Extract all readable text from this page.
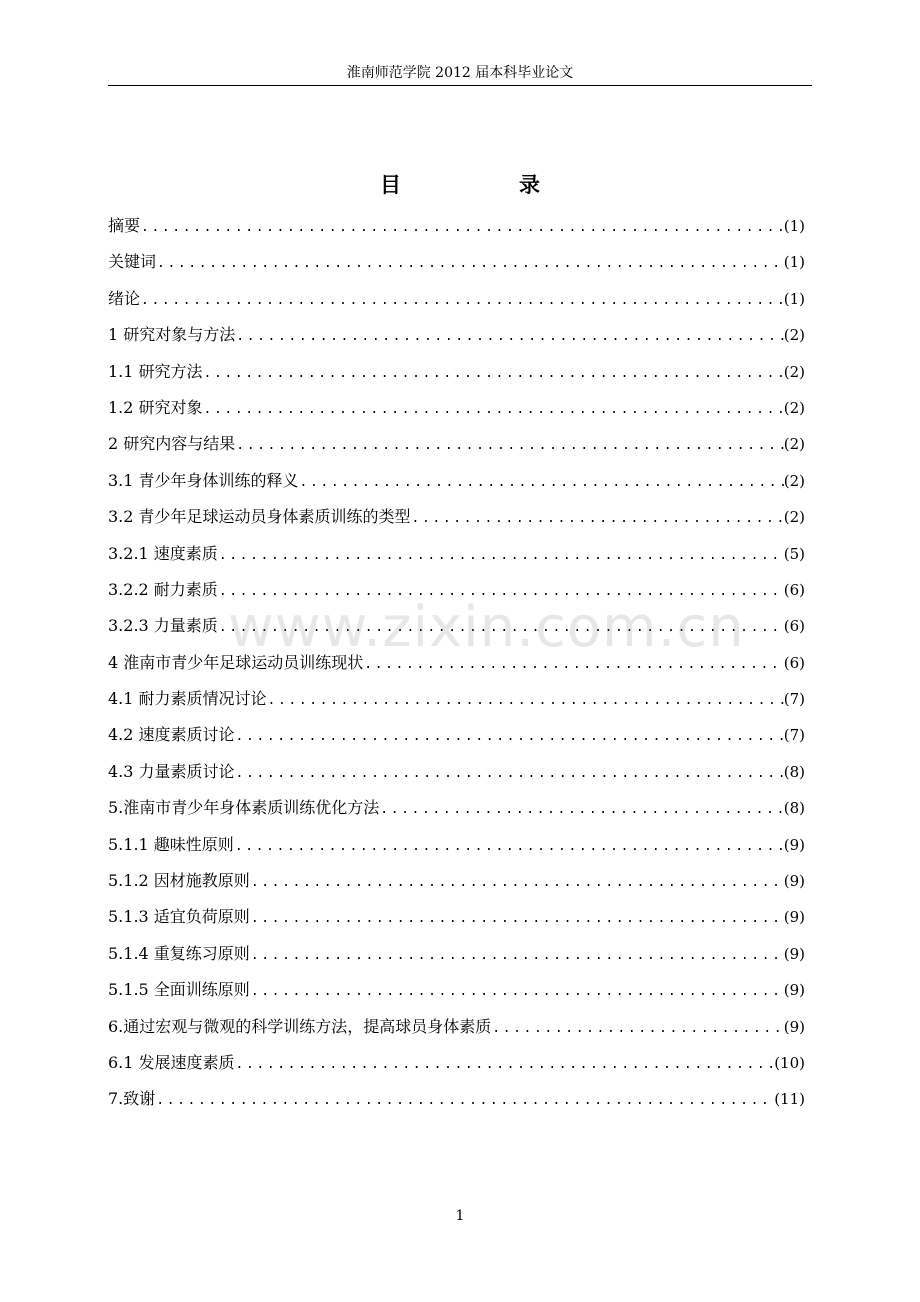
淮南师范学院 2012 届本科毕业论文
目	录
摘要 .....	(1)
关键词 .....	(1)
绪论 .....	(1)
1 研究对象与方法 .....	(2)
1.1 研究方法 .....	(2)
1.2 研究对象 .....	(2)
2 研究内容与结果 .....	(2)
3.1 青少年身体训练的释义 .....	(2)
3.2 青少年足球运动员身体素质训练的类型 .....	(2)
3.2.1 速度素质 .....	(5)
3.2.2 耐力素质 .....	(6)
3.2.3 力量素质 .....	(6)
4 淮南市青少年足球运动员训练现状 .....	(6)
4.1 耐力素质情况讨论 .....	(7)
4.2 速度素质讨论 .....	(7)
4.3 力量素质讨论 .....	(8)
5.淮南市青少年身体素质训练优化方法 .....	(8)
5.1.1 趣味性原则 .....	(9)
5.1.2 因材施教原则 .....	(9)
5.1.3 适宜负荷原则 .....	(9)
5.1.4 重复练习原则 .....	(9)
5.1.5 全面训练原则 .....	(9)
6.通过宏观与微观的科学训练方法，提高球员身体素质 .....	(9)
6.1 发展速度素质 .....	(10)
7.致谢 .....	(11)
www.zixin.com.cn
1
